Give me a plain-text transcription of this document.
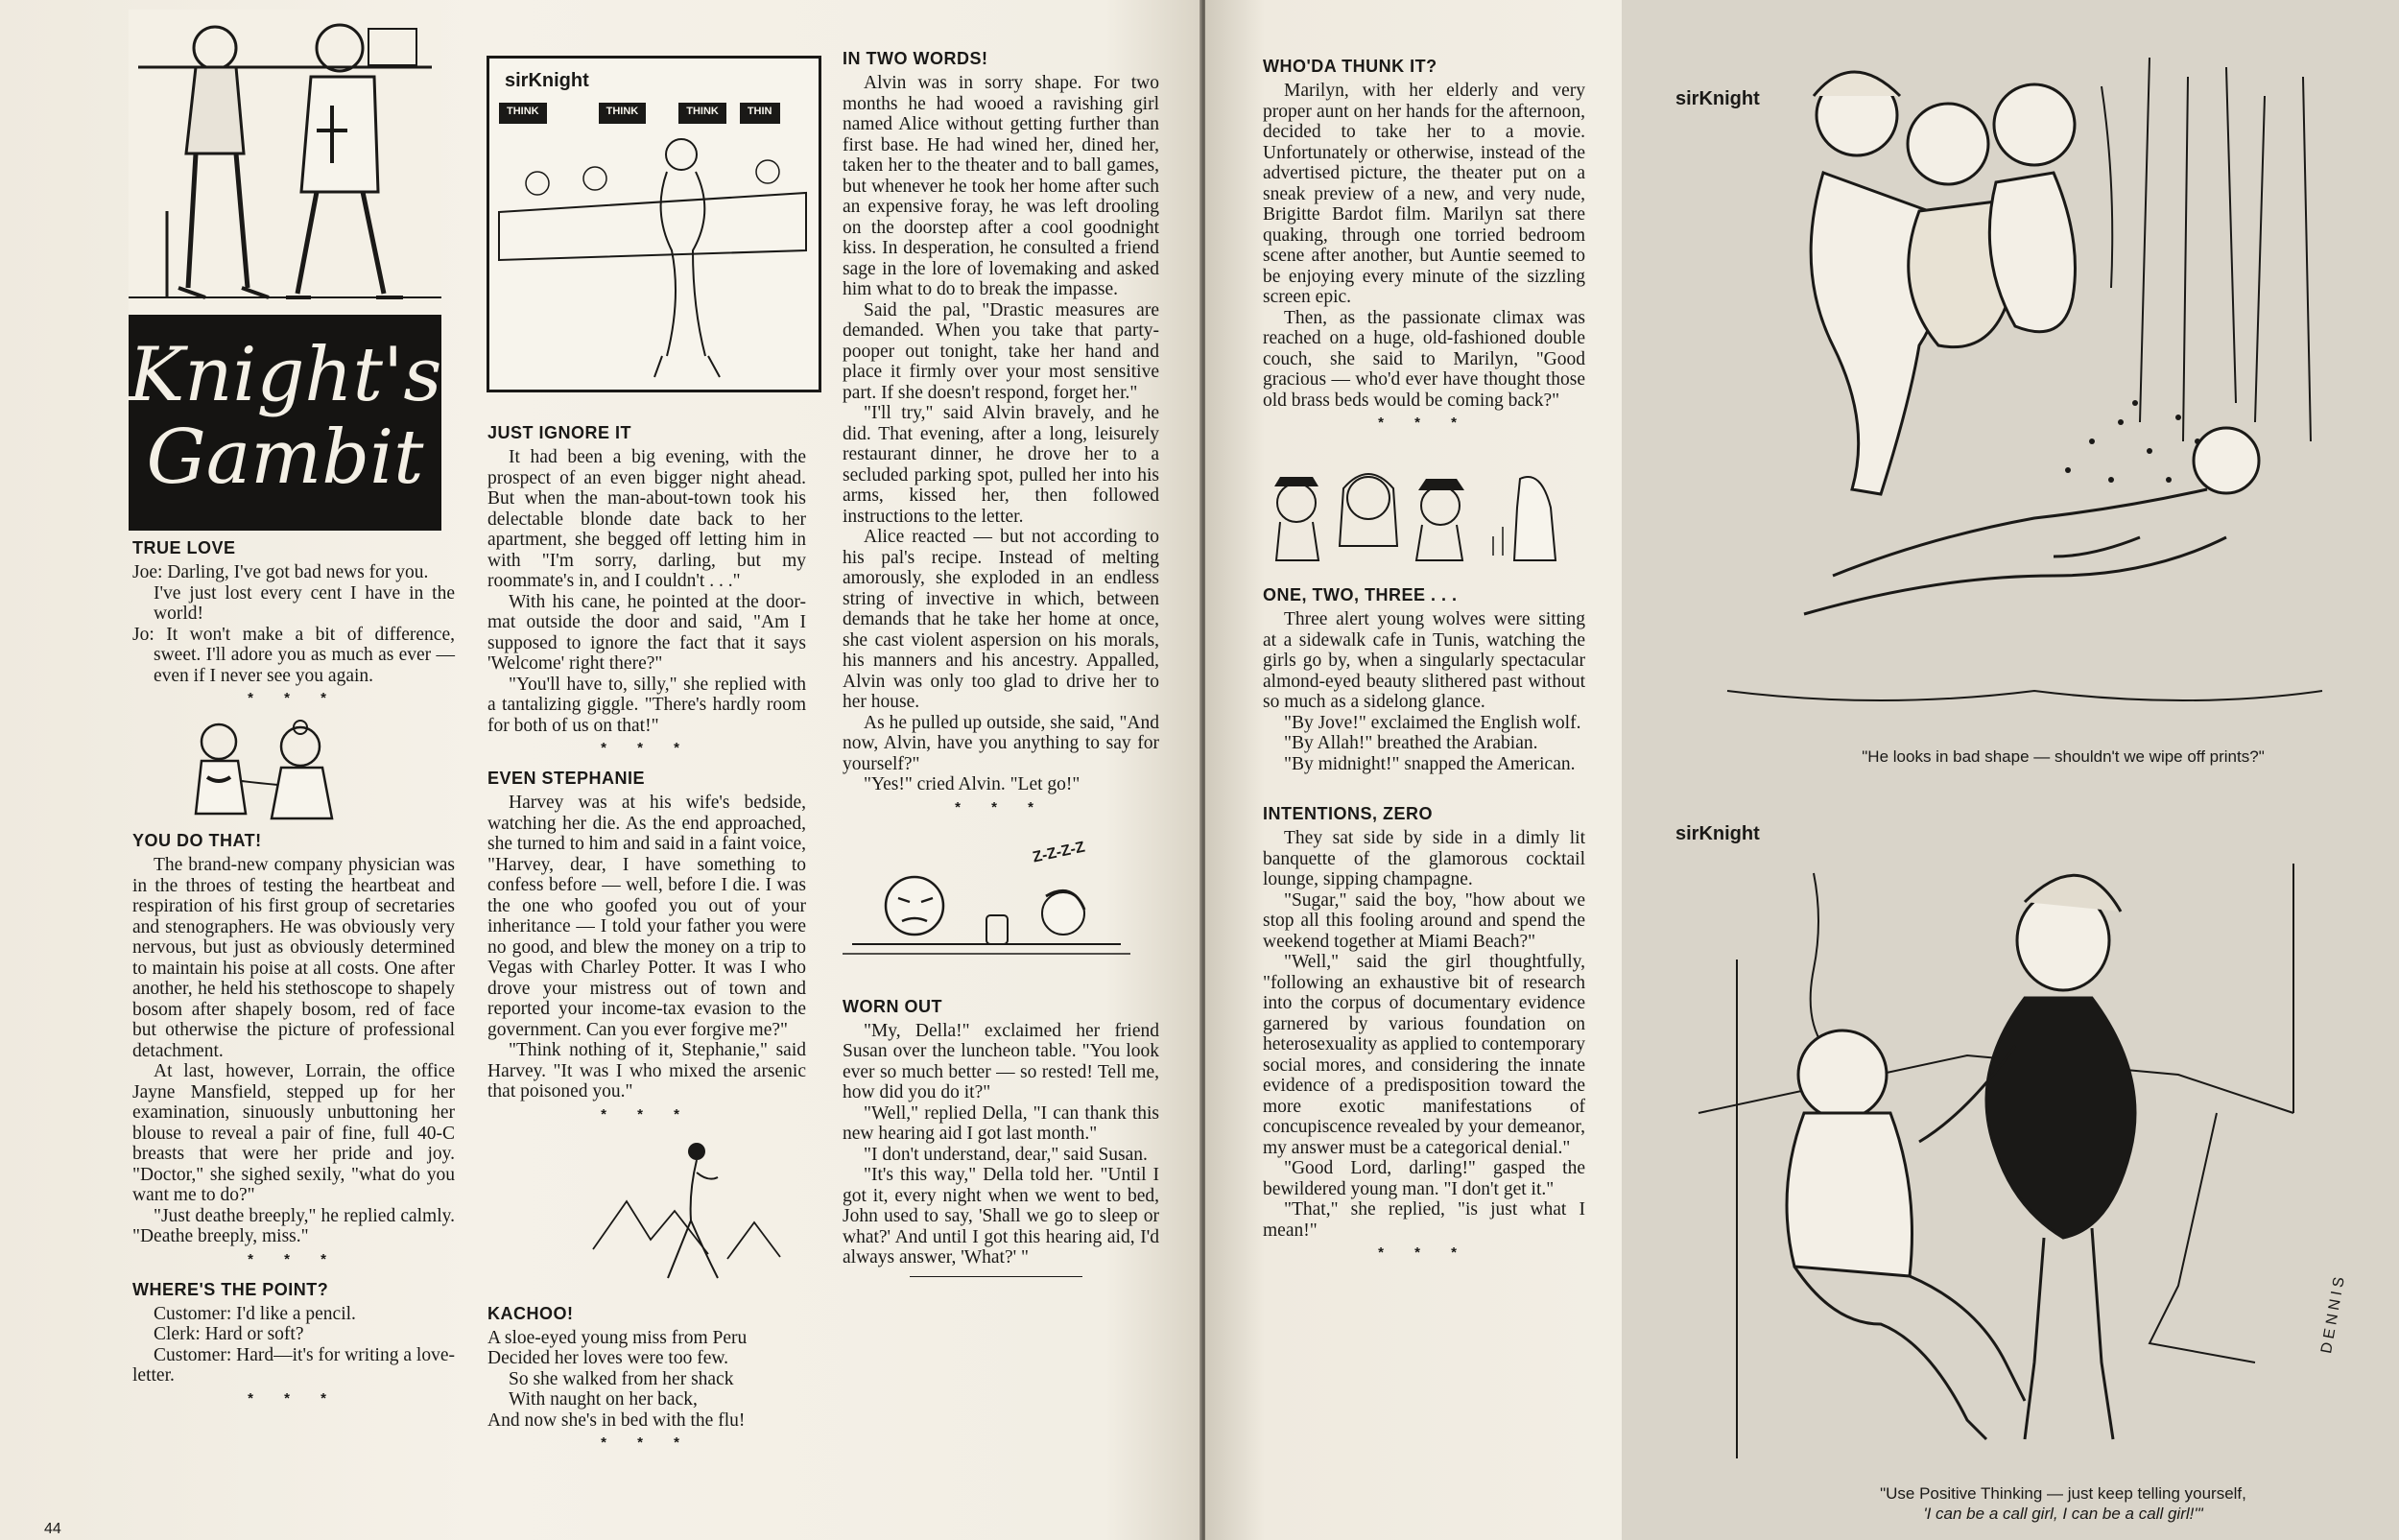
Knight's
Gambit
TRUE LOVE

Joe: Darling, I've got bad news for you.

I've just lost every cent I have in the world!

Jo: It won't make a bit of difference, sweet. I'll adore you as much as ever — even if I never see you again.

* * *
YOU DO THAT!

The brand-new company physician was in the throes of testing the heartbeat and respiration of his first group of secretaries and stenographers. He was obviously very nervous, but just as obviously determined to maintain his poise at all costs. One after another, he held his stethoscope to shapely bosom after shapely bosom, red of face but otherwise the picture of professional detachment.

At last, however, Lorrain, the office Jayne Mansfield, stepped up for her examination, sinuously unbuttoning her blouse to reveal a pair of fine, full 40-C breasts that were her pride and joy. "Doctor," she sighed sexily, "what do you want me to do?"

"Just deathe breeply," he replied calmly. "Deathe breeply, miss."

* * *
WHERE'S THE POINT?

Customer: I'd like a pencil.

Clerk: Hard or soft?

Customer: Hard—it's for writing a love-letter.

* * *
sirKnight
THINK	THINK	THINK	THIN
JUST IGNORE IT

It had been a big evening, with the prospect of an even bigger night ahead. But when the man-about-town took his delectable blonde date back to her apartment, she begged off letting him in with "I'm sorry, darling, but my roommate's in, and I couldn't . . ."

With his cane, he pointed at the door-mat outside the door and said, "Am I supposed to ignore the fact that it says 'Welcome' right there?"

"You'll have to, silly," she replied with a tantalizing giggle. "There's hardly room for both of us on that!"

* * *
EVEN STEPHANIE

Harvey was at his wife's bedside, watching her die. As the end approached, she turned to him and said in a faint voice, "Harvey, dear, I have something to confess before — well, before I die. I was the one who goofed you out of your inheritance — I told your father you were no good, and blew the money on a trip to Vegas with Charley Potter. It was I who drove your mistress out of town and reported your income-tax evasion to the government. Can you ever forgive me?"

"Think nothing of it, Stephanie," said Harvey. "It was I who mixed the arsenic that poisoned you."

* * *
KACHOO!

A sloe-eyed young miss from Peru

Decided her loves were too few.

So she walked from her shack

With naught on her back,

And now she's in bed with the flu!

* * *
IN TWO WORDS!

Alvin was in sorry shape. For two months he had wooed a ravishing girl named Alice without getting further than first base. He had wined her, dined her, taken her to the theater and to ball games, but whenever he took her home after such an expensive foray, he was left drooling on the doorstep after a cool goodnight kiss. In desperation, he consulted a friend sage in the lore of lovemaking and asked him what to do to break the impasse.

Said the pal, "Drastic measures are demanded. When you take that party-pooper out tonight, take her hand and place it firmly over your most sensitive part. If she doesn't respond, forget her."

"I'll try," said Alvin bravely, and he did. That evening, after a long, leisurely restaurant dinner, he drove her to a secluded parking spot, pulled her into his arms, kissed her, then followed instructions to the letter.

Alice reacted — but not according to his pal's recipe. Instead of melting amorously, she exploded in an endless string of invective in which, between demands that he take her home at once, she cast violent aspersion on his morals, his manners and his ancestry. Appalled, Alvin was only too glad to drive her to her house.

As he pulled up outside, she said, "And now, Alvin, have you anything to say for yourself?"

"Yes!" cried Alvin. "Let go!"

* * *
Z-Z-Z-Z
WORN OUT

"My, Della!" exclaimed her friend Susan over the luncheon table. "You look ever so much better — so rested! Tell me, how did you do it?"

"Well," replied Della, "I can thank this new hearing aid I got last month."

"I don't understand, dear," said Susan.

"It's this way," Della told her. "Until I got it, every night when we went to bed, John used to say, 'Shall we go to sleep or what?' And until I got this hearing aid, I'd always answer, 'What?' "

44
WHO'DA THUNK IT?

Marilyn, with her elderly and very proper aunt on her hands for the afternoon, decided to take her to a movie. Unfortunately or otherwise, instead of the advertised picture, the theater put on a sneak preview of a new, and very nude, Brigitte Bardot film. Marilyn sat there quaking, through one torried bedroom scene after another, but Auntie seemed to be enjoying every minute of the sizzling screen epic.

Then, as the passionate climax was reached on a huge, old-fashioned double couch, she said to Marilyn, "Good gracious — who'd ever have thought those old brass beds would be coming back?"

* * *
ONE, TWO, THREE . . .

Three alert young wolves were sitting at a sidewalk cafe in Tunis, watching the girls go by, when a singularly spectacular almond-eyed beauty slithered past without so much as a sidelong glance.

"By Jove!" exclaimed the English wolf.

"By Allah!" breathed the Arabian.

"By midnight!" snapped the American.

INTENTIONS, ZERO

They sat side by side in a dimly lit banquette of the glamorous cocktail lounge, sipping champagne.

"Sugar," said the boy, "how about we stop all this fooling around and spend the weekend together at Miami Beach?"

"Well," said the girl thoughtfully, "following an exhaustive bit of research into the corpus of documentary evidence garnered by various foundation on heterosexuality as applied to contemporary social mores, and considering the innate evidence of a predisposition toward the more exotic manifestations of concupiscence revealed by your demeanor, my answer must be a categorical denial."

"Good Lord, darling!" gasped the bewildered young man. "I don't get it."

"That," she replied, "is just what I mean!"

* * *
sirKnight
"He looks in bad shape — shouldn't we wipe off prints?"
sirKnight
DENNIS
"Use Positive Thinking — just keep telling yourself,
'I can be a call girl, I can be a call girl!'"
